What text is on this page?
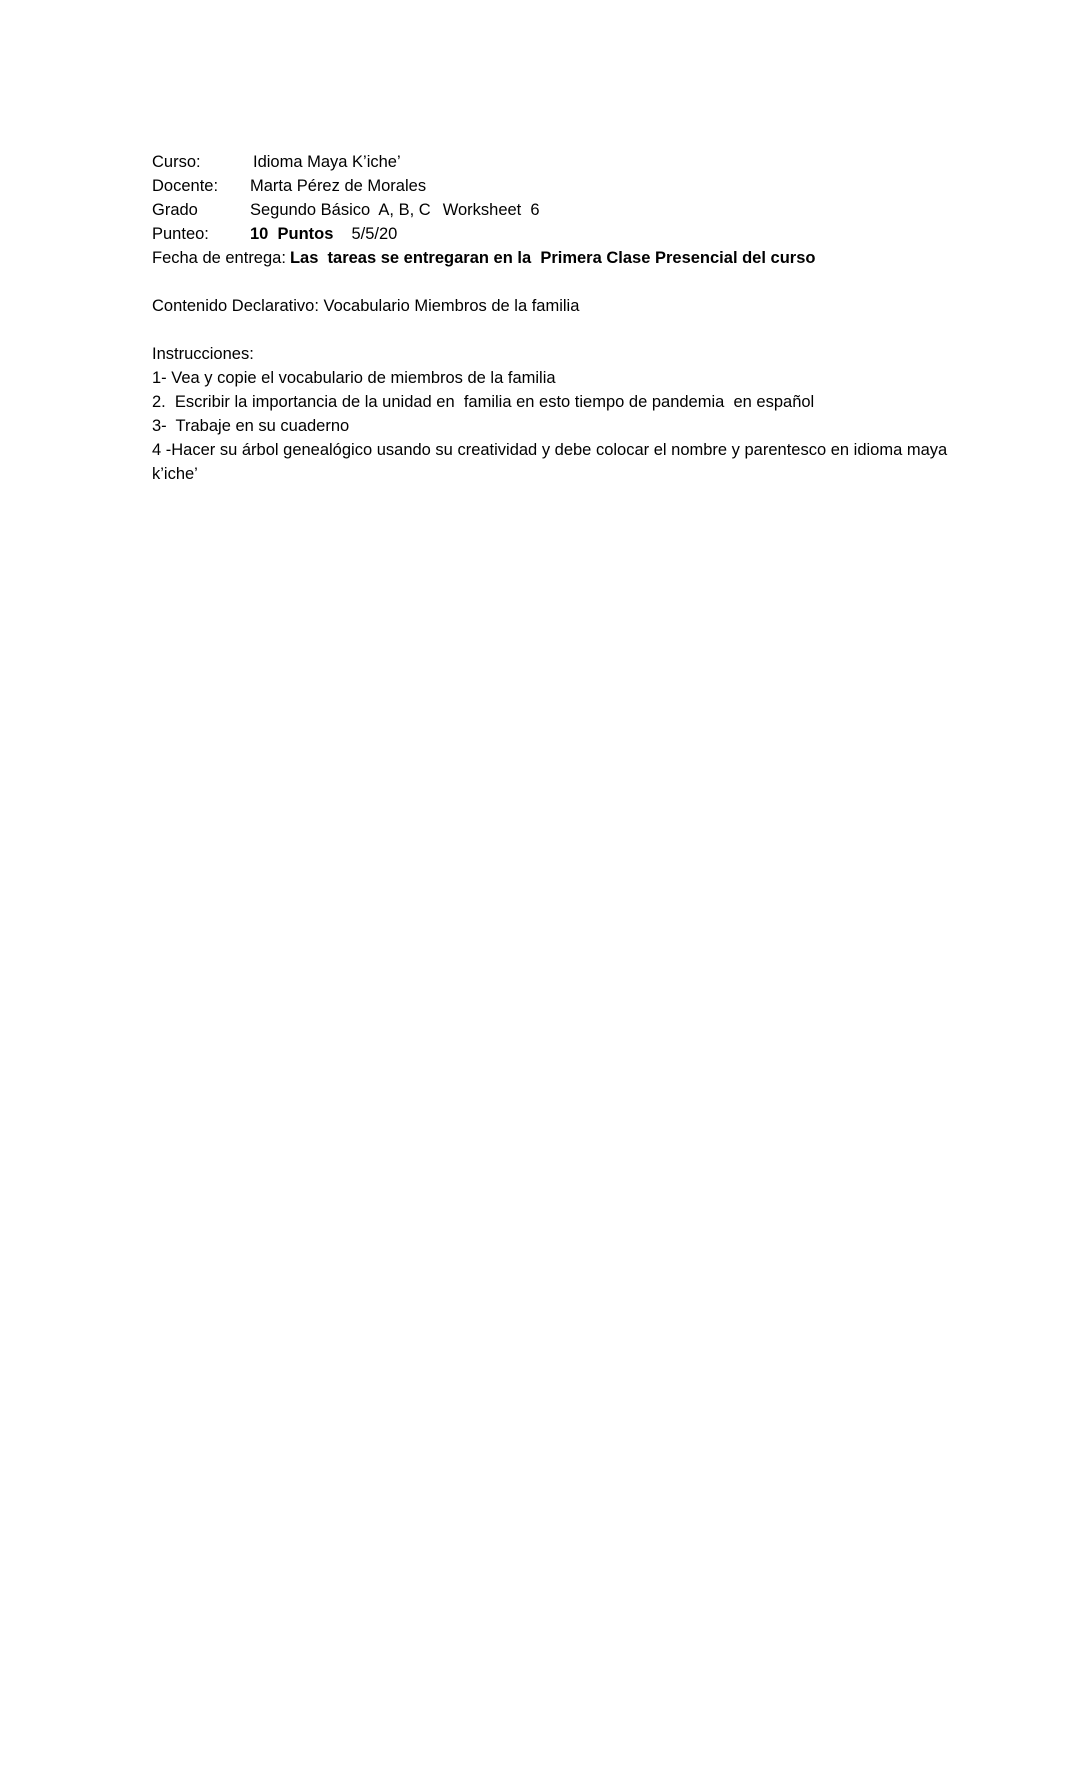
Curso:	Idioma Maya K’iche’
Docente:	Marta Pérez de Morales
Grado	Segundo Básico  A, B, C Worksheet  6
Punteo:	10  Puntos 5/5/20
Fecha de entrega: Las  tareas se entregaran en la  Primera Clase Presencial del curso
Contenido Declarativo: Vocabulario Miembros de la familia
Instrucciones:
1- Vea y copie el vocabulario de miembros de la familia
2.  Escribir la importancia de la unidad en  familia en esto tiempo de pandemia  en español
3-  Trabaje en su cuaderno
4 -Hacer su árbol genealógico usando su creatividad y debe colocar el nombre y parentesco en idioma maya k’iche’
